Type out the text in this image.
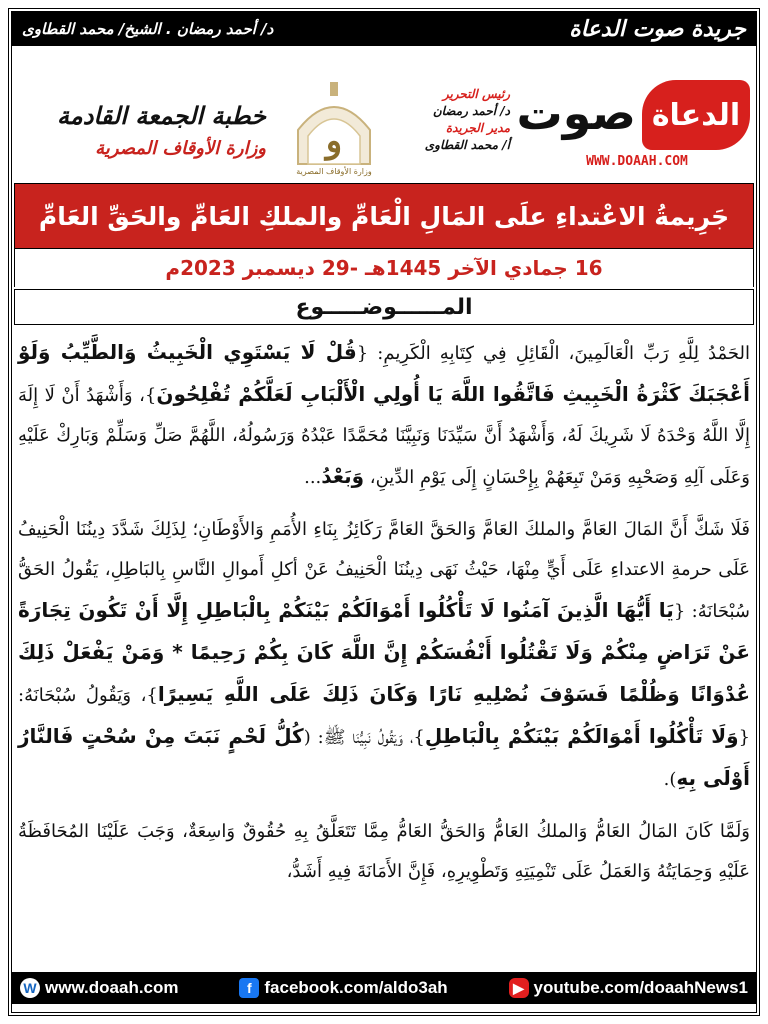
جريدة صوت الدعاة
د/ أحمد رمضان . الشيخ/ محمد القطاوى
الدعاة
صوت
WWW.DOAAH.COM
رئيس التحرير
د/ أحمد رمضان
مدير الجريدة
أ/ محمد القطاوى
و
وزارة الأوقاف المصرية
خطبة الجمعة القادمة
وزارة الأوقاف المصرية
جَرِيمةُ الاعْتداءِ علَى المَالِ الْعَامِّ والملكِ العَامِّ والحَقِّ العَامِّ
16 جمادي الآخر 1445هـ -29 ديسمبر 2023م
المــــــوضـــــوع

الحَمْدُ لِلَّهِ رَبِّ الْعَالَمِينَ، الْقَائِلِ فِي كِتَابِهِ الْكَرِيمِ: {قُلْ لَا يَسْتَوِي الْخَبِيثُ وَالطَّيِّبُ وَلَوْ أَعْجَبَكَ كَثْرَةُ الْخَبِيثِ فَاتَّقُوا اللَّهَ يَا أُولِي الْأَلْبَابِ لَعَلَّكُمْ تُفْلِحُونَ}، وَأَشْهَدُ أَنْ لَا إِلَهَ إِلَّا اللَّهُ وَحْدَهُ لَا شَرِيكَ لَهُ، وَأَشْهَدُ أَنَّ سَيِّدَنَا وَنَبِيَّنَا مُحَمَّدًا عَبْدُهُ وَرَسُولُهُ، اللَّهُمَّ صَلِّ وَسَلِّمْ وَبَارِكْ عَلَيْهِ وَعَلَى آلِهِ وَصَحْبِهِ وَمَنْ تَبِعَهُمْ بِإِحْسَانٍ إِلَى يَوْمِ الدِّينِ، وَبَعْدُ...

فَلَا شَكَّ أَنَّ المَالَ العَامَّ والملكَ العَامَّ وَالحَقَّ العَامَّ رَكَائِزُ بِنَاءِ الأُمَمِ وَالأَوْطَانِ؛ لِذَلِكَ شَدَّدَ دِينُنَا الْحَنِيفُ عَلَى حرمةِ الاعتداءِ عَلَى أَيٍّ مِنْهَا، حَيْثُ نَهَى دِينُنَا الْحَنِيفُ عَنْ أكلِ أَموالِ النَّاسِ بِالبَاطِلِ، يَقُولُ الحَقُّ سُبْحَانَهُ: {يَا أَيُّهَا الَّذِينَ آمَنُوا لَا تَأْكُلُوا أَمْوَالَكُمْ بَيْنَكُمْ بِالْبَاطِلِ إِلَّا أَنْ تَكُونَ تِجَارَةً عَنْ تَرَاضٍ مِنْكُمْ وَلَا تَقْتُلُوا أَنْفُسَكُمْ إِنَّ اللَّهَ كَانَ بِكُمْ رَحِيمًا * وَمَنْ يَفْعَلْ ذَلِكَ عُدْوَانًا وَظُلْمًا فَسَوْفَ نُصْلِيهِ نَارًا وَكَانَ ذَلِكَ عَلَى اللَّهِ يَسِيرًا}، وَيَقُولُ سُبْحَانَهُ: {وَلَا تَأْكُلُوا أَمْوَالَكُمْ بَيْنَكُمْ بِالْبَاطِلِ}، وَيَقُولُ نَبِيُّنَا ﷺ: (كُلُّ لَحْمٍ نَبَتَ مِنْ سُحْتٍ فَالنَّارُ أَوْلَى بِهِ).

وَلَمَّا كَانَ المَالُ العَامُّ وَالملكُ العَامُّ وَالحَقُّ العَامُّ مِمَّا تَتَعَلَّقُ بِهِ حُقُوقٌ وَاسِعَةٌ، وَجَبَ عَلَيْنَا المُحَافَظَةُ عَلَيْهِ وَحِمَايَتُهُ وَالعَمَلُ عَلَى تَنْمِيَتِهِ وَتَطْوِيرِهِ، فَإِنَّ الأَمَانَةَ فِيهِ أَشَدُّ،

W www.doaah.com	f facebook.com/aldo3ah	▶ youtube.com/doaahNews1
